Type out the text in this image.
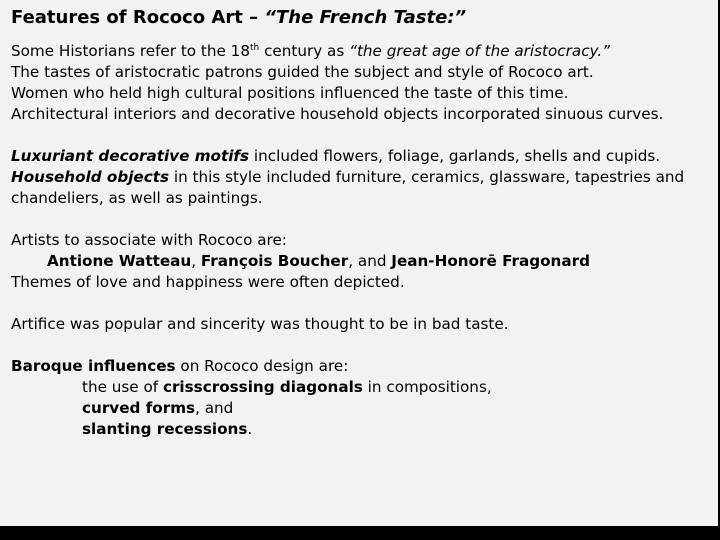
Features of Rococo Art – “The French Taste:”

Some Historians refer to the 18th century as “the great age of the aristocracy.”

The tastes of aristocratic patrons guided the subject and style of Rococo art.

Women who held high cultural positions influenced the taste of this time.

Architectural interiors and decorative household objects incorporated sinuous curves.

Luxuriant decorative motifs included flowers, foliage, garlands, shells and cupids.

Household objects in this style included furniture, ceramics, glassware, tapestries and

chandeliers, as well as paintings.

Artists to associate with Rococo are:

Antione Watteau, François Boucher, and Jean-Honorē Fragonard

Themes of love and happiness were often depicted.

Artifice was popular and sincerity was thought to be in bad taste.

Baroque influences on Rococo design are:

the use of crisscrossing diagonals in compositions,

curved forms, and

slanting recessions.
